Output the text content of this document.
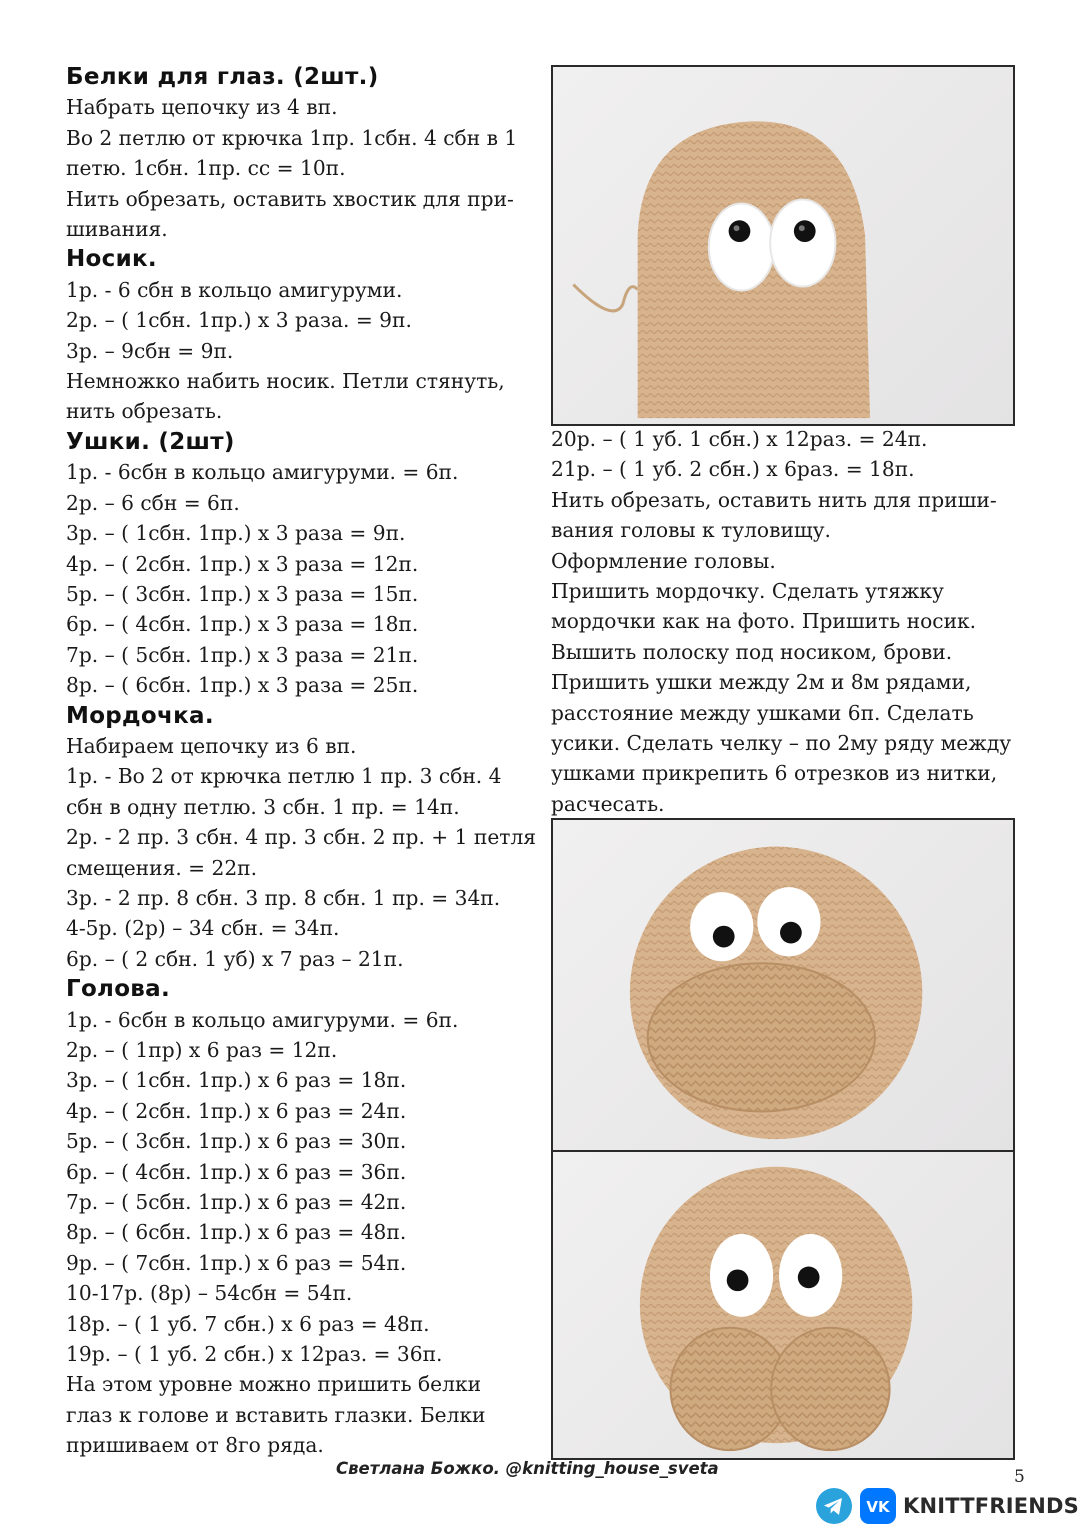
Белки для глаз. (2шт.)
Набрать цепочку из 4 вп.
Во 2 петлю от крючка 1пр. 1сбн. 4 сбн в 1
петю. 1сбн. 1пр. сс = 10п.
Нить обрезать, оставить хвостик для при-
шивания.
Носик.
1р. - 6 сбн в кольцо амигуруми.
2р. – ( 1сбн. 1пр.) х 3 раза. = 9п.
3р. – 9сбн = 9п.
Немножко набить носик. Петли стянуть,
нить обрезать.
Ушки. (2шт)
1р. - 6сбн в кольцо амигуруми. = 6п.
2р. – 6 сбн = 6п.
3р. – ( 1сбн. 1пр.) х 3 раза = 9п.
4р. – ( 2сбн. 1пр.) х 3 раза = 12п.
5р. – ( 3сбн. 1пр.) х 3 раза = 15п.
6р. – ( 4сбн. 1пр.) х 3 раза = 18п.
7р. – ( 5сбн. 1пр.) х 3 раза = 21п.
8р. – ( 6сбн. 1пр.) х 3 раза = 25п.
Мордочка.
Набираем цепочку из 6 вп.
1р. - Во 2 от крючка петлю 1 пр. 3 сбн. 4
сбн в одну петлю. 3 сбн. 1 пр. = 14п.
2р. - 2 пр. 3 сбн. 4 пр. 3 сбн. 2 пр. + 1 петля
смещения. = 22п.
3р. - 2 пр. 8 сбн. 3 пр. 8 сбн. 1 пр. = 34п.
4-5р. (2р) – 34 сбн. = 34п.
6р. – ( 2 сбн. 1 уб) х 7 раз – 21п.
Голова.
1р. - 6сбн в кольцо амигуруми. = 6п.
2р. – ( 1пр) х 6 раз = 12п.
3р. – ( 1сбн. 1пр.) х 6 раз = 18п.
4р. – ( 2сбн. 1пр.) х 6 раз = 24п.
5р. – ( 3сбн. 1пр.) х 6 раз = 30п.
6р. – ( 4сбн. 1пр.) х 6 раз = 36п.
7р. – ( 5сбн. 1пр.) х 6 раз = 42п.
8р. – ( 6сбн. 1пр.) х 6 раз = 48п.
9р. – ( 7сбн. 1пр.) х 6 раз = 54п.
10-17р. (8р) – 54сбн = 54п.
18р. – ( 1 уб. 7 сбн.) х 6 раз = 48п.
19р. – ( 1 уб. 2 сбн.) х 12раз. = 36п.
На этом уровне можно пришить белки
глаз к голове и вставить глазки. Белки
пришиваем от 8го ряда.
20р. – ( 1 уб. 1 сбн.) х 12раз. = 24п.
21р. – ( 1 уб. 2 сбн.) х 6раз. = 18п.
Нить обрезать, оставить нить для приши-
вания головы к туловищу.
Оформление головы.
Пришить мордочку. Сделать утяжку
мордочки как на фото. Пришить носик.
Вышить полоску под носиком, брови.
Пришить ушки между 2м и 8м рядами,
расстояние между ушками 6п. Сделать
усики. Сделать челку – по 2му ряду между
ушками прикрепить 6 отрезков из нитки,
расчесать.
Светлана Божко. @knitting_house_sveta	5
VK KNITTFRIENDS
